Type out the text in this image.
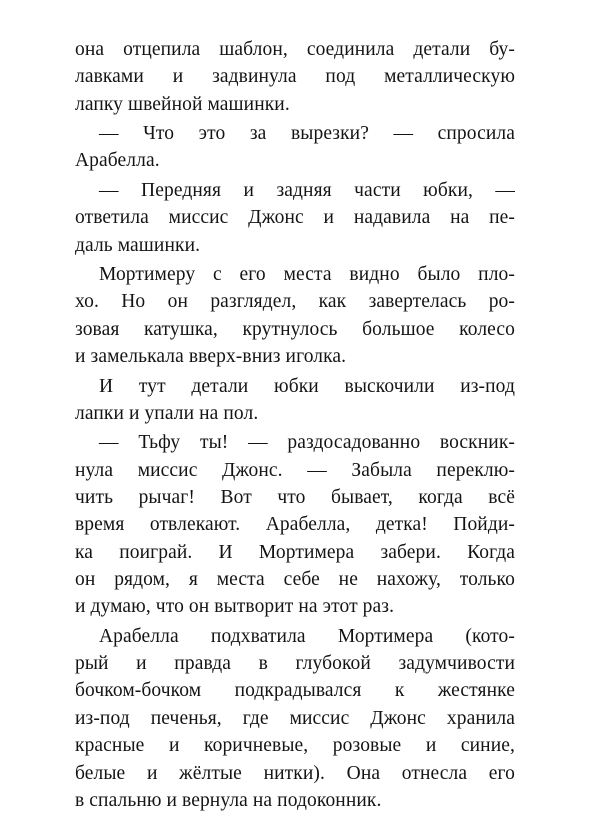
она отцепила шаблон, соединила детали бу-
лавками и задвинула под металлическую
лапку швейной машинки.
— Что это за вырезки? — спросила
Арабелла.
— Передняя и задняя части юбки, —
ответила миссис Джонс и надавила на пе-
даль машинки.
Мортимеру с его места видно было пло-
хо. Но он разглядел, как завертелась ро-
зовая катушка, крутнулось большое колесо
и замелькала вверх-вниз иголка.
И тут детали юбки выскочили из-под
лапки и упали на пол.
— Тьфу ты! — раздосадованно воскник-
нула миссис Джонс. — Забыла переклю-
чить рычаг! Вот что бывает, когда всё
время отвлекают. Арабелла, детка! Пойди-
ка поиграй. И Мортимера забери. Когда
он рядом, я места себе не нахожу, только
и думаю, что он вытворит на этот раз.
Арабелла подхватила Мортимера (кото-
рый и правда в глубокой задумчивости
бочком-бочком подкрадывался к жестянке
из-под печенья, где миссис Джонс хранила
красные и коричневые, розовые и синие,
белые и жёлтые нитки). Она отнесла его
в спальню и вернула на подоконник.
